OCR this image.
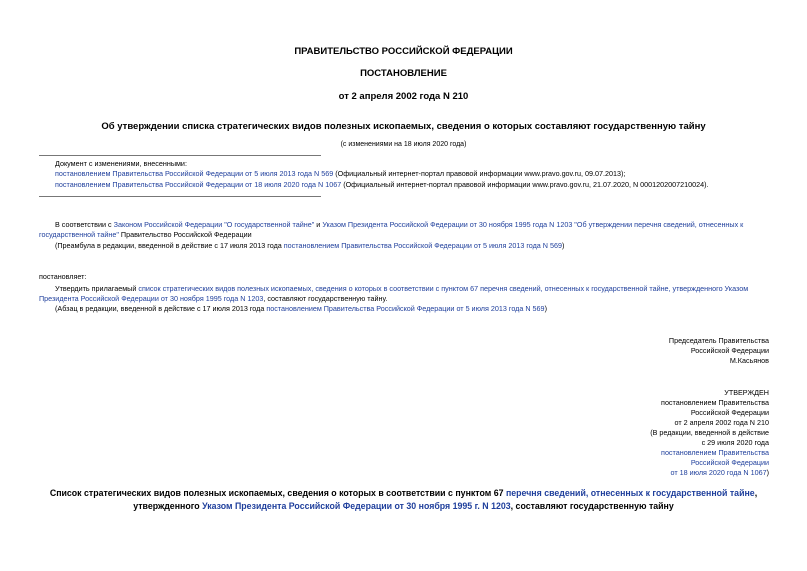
ПРАВИТЕЛЬСТВО РОССИЙСКОЙ ФЕДЕРАЦИИ
ПОСТАНОВЛЕНИЕ
от 2 апреля 2002 года N 210
Об утверждении списка стратегических видов полезных ископаемых, сведения о которых составляют государственную тайну
(с изменениями на 18 июля 2020 года)
Документ с изменениями, внесенными:
постановлением Правительства Российской Федерации от 5 июля 2013 года N 569 (Официальный интернет-портал правовой информации www.pravo.gov.ru, 09.07.2013);
постановлением Правительства Российской Федерации от 18 июля 2020 года N 1067 (Официальный интернет-портал правовой информации www.pravo.gov.ru, 21.07.2020, N 0001202007210024).
В соответствии с Законом Российской Федерации "О государственной тайне" и Указом Президента Российской Федерации от 30 ноября 1995 года N 1203 "Об утверждении перечня сведений, отнесенных к
государственной тайне" Правительство Российской Федерации
(Преамбула в редакции, введенной в действие с 17 июля 2013 года постановлением Правительства Российской Федерации от 5 июля 2013 года N 569)
постановляет:
Утвердить прилагаемый список стратегических видов полезных ископаемых, сведения о которых в соответствии с пунктом 67 перечня сведений, отнесенных к государственной тайне, утвержденного Указом
Президента Российской Федерации от 30 ноября 1995 года N 1203, составляют государственную тайну.
(Абзац в редакции, введенной в действие с 17 июля 2013 года постановлением Правительства Российской Федерации от 5 июля 2013 года N 569)
Председатель Правительства
Российской Федерации
М.Касьянов
УТВЕРЖДЕН
постановлением Правительства
Российской Федерации
от 2 апреля 2002 года N 210
(В редакции, введенной в действие
с 29 июля 2020 года
постановлением Правительства
Российской Федерации
от 18 июля 2020 года N 1067)
Список стратегических видов полезных ископаемых, сведения о которых в соответствии с пунктом 67 перечня сведений, отнесенных к государственной тайне,
утвержденного Указом Президента Российской Федерации от 30 ноября 1995 г. N 1203, составляют государственную тайну
